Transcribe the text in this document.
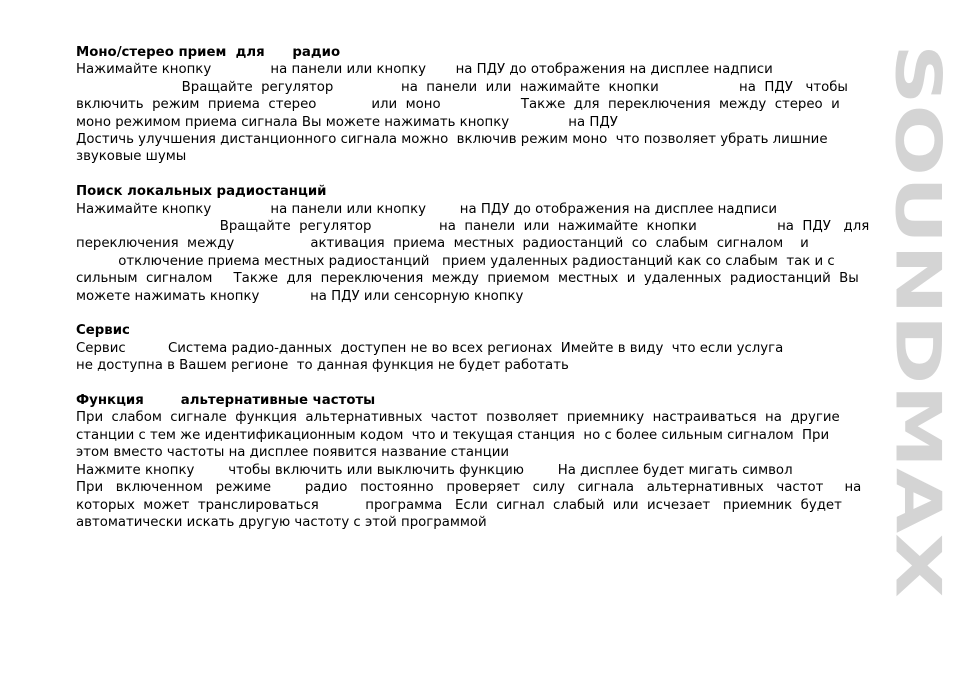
Моно/стерео прием  для      радио
Нажимайте кнопку              на панели или кнопку       на ПДУ до отображения на дисплее надписи
Вращайте  регулятор                на  панели  или  нажимайте  кнопки                   на  ПДУ   чтобы
включить  режим  приема  стерео             или  моно                   Также  для  переключения  между  стерео  и
моно режимом приема сигнала Вы можете нажимать кнопку              на ПДУ
Достичь улучшения дистанционного сигнала можно  включив режим моно  что позволяет убрать лишние
звуковые шумы
Поиск локальных радиостанций
Нажимайте кнопку              на панели или кнопку        на ПДУ до отображения на дисплее надписи
Вращайте  регулятор                на  панели  или  нажимайте  кнопки                   на  ПДУ   для
переключения  между                  активация  приема  местных  радиостанций  со  слабым  сигналом    и
отключение приема местных радиостанций   прием удаленных радиостанций как со слабым  так и с
сильным  сигналом     Также  для  переключения  между  приемом  местных  и  удаленных  радиостанций  Вы
можете нажимать кнопку            на ПДУ или сенсорную кнопку
Сервис
Сервис          Система радио-данных  доступен не во всех регионах  Имейте в виду  что если услуга
не доступна в Вашем регионе  то данная функция не будет работать
Функция        альтернативные частоты
При  слабом  сигнале  функция  альтернативных  частот  позволяет  приемнику  настраиваться  на  другие
станции с тем же идентификационным кодом  что и текущая станция  но с более сильным сигналом  При
этом вместо частоты на дисплее появится название станции
Нажмите кнопку        чтобы включить или выключить функцию        На дисплее будет мигать символ
При   включенном   режиме        радио   постоянно   проверяет   силу   сигнала   альтернативных   частот     на
которых  может  транслироваться           программа   Если  сигнал  слабый  или  исчезает   приемник  будет
автоматически искать другую частоту с этой программой
SOUNDMAX
